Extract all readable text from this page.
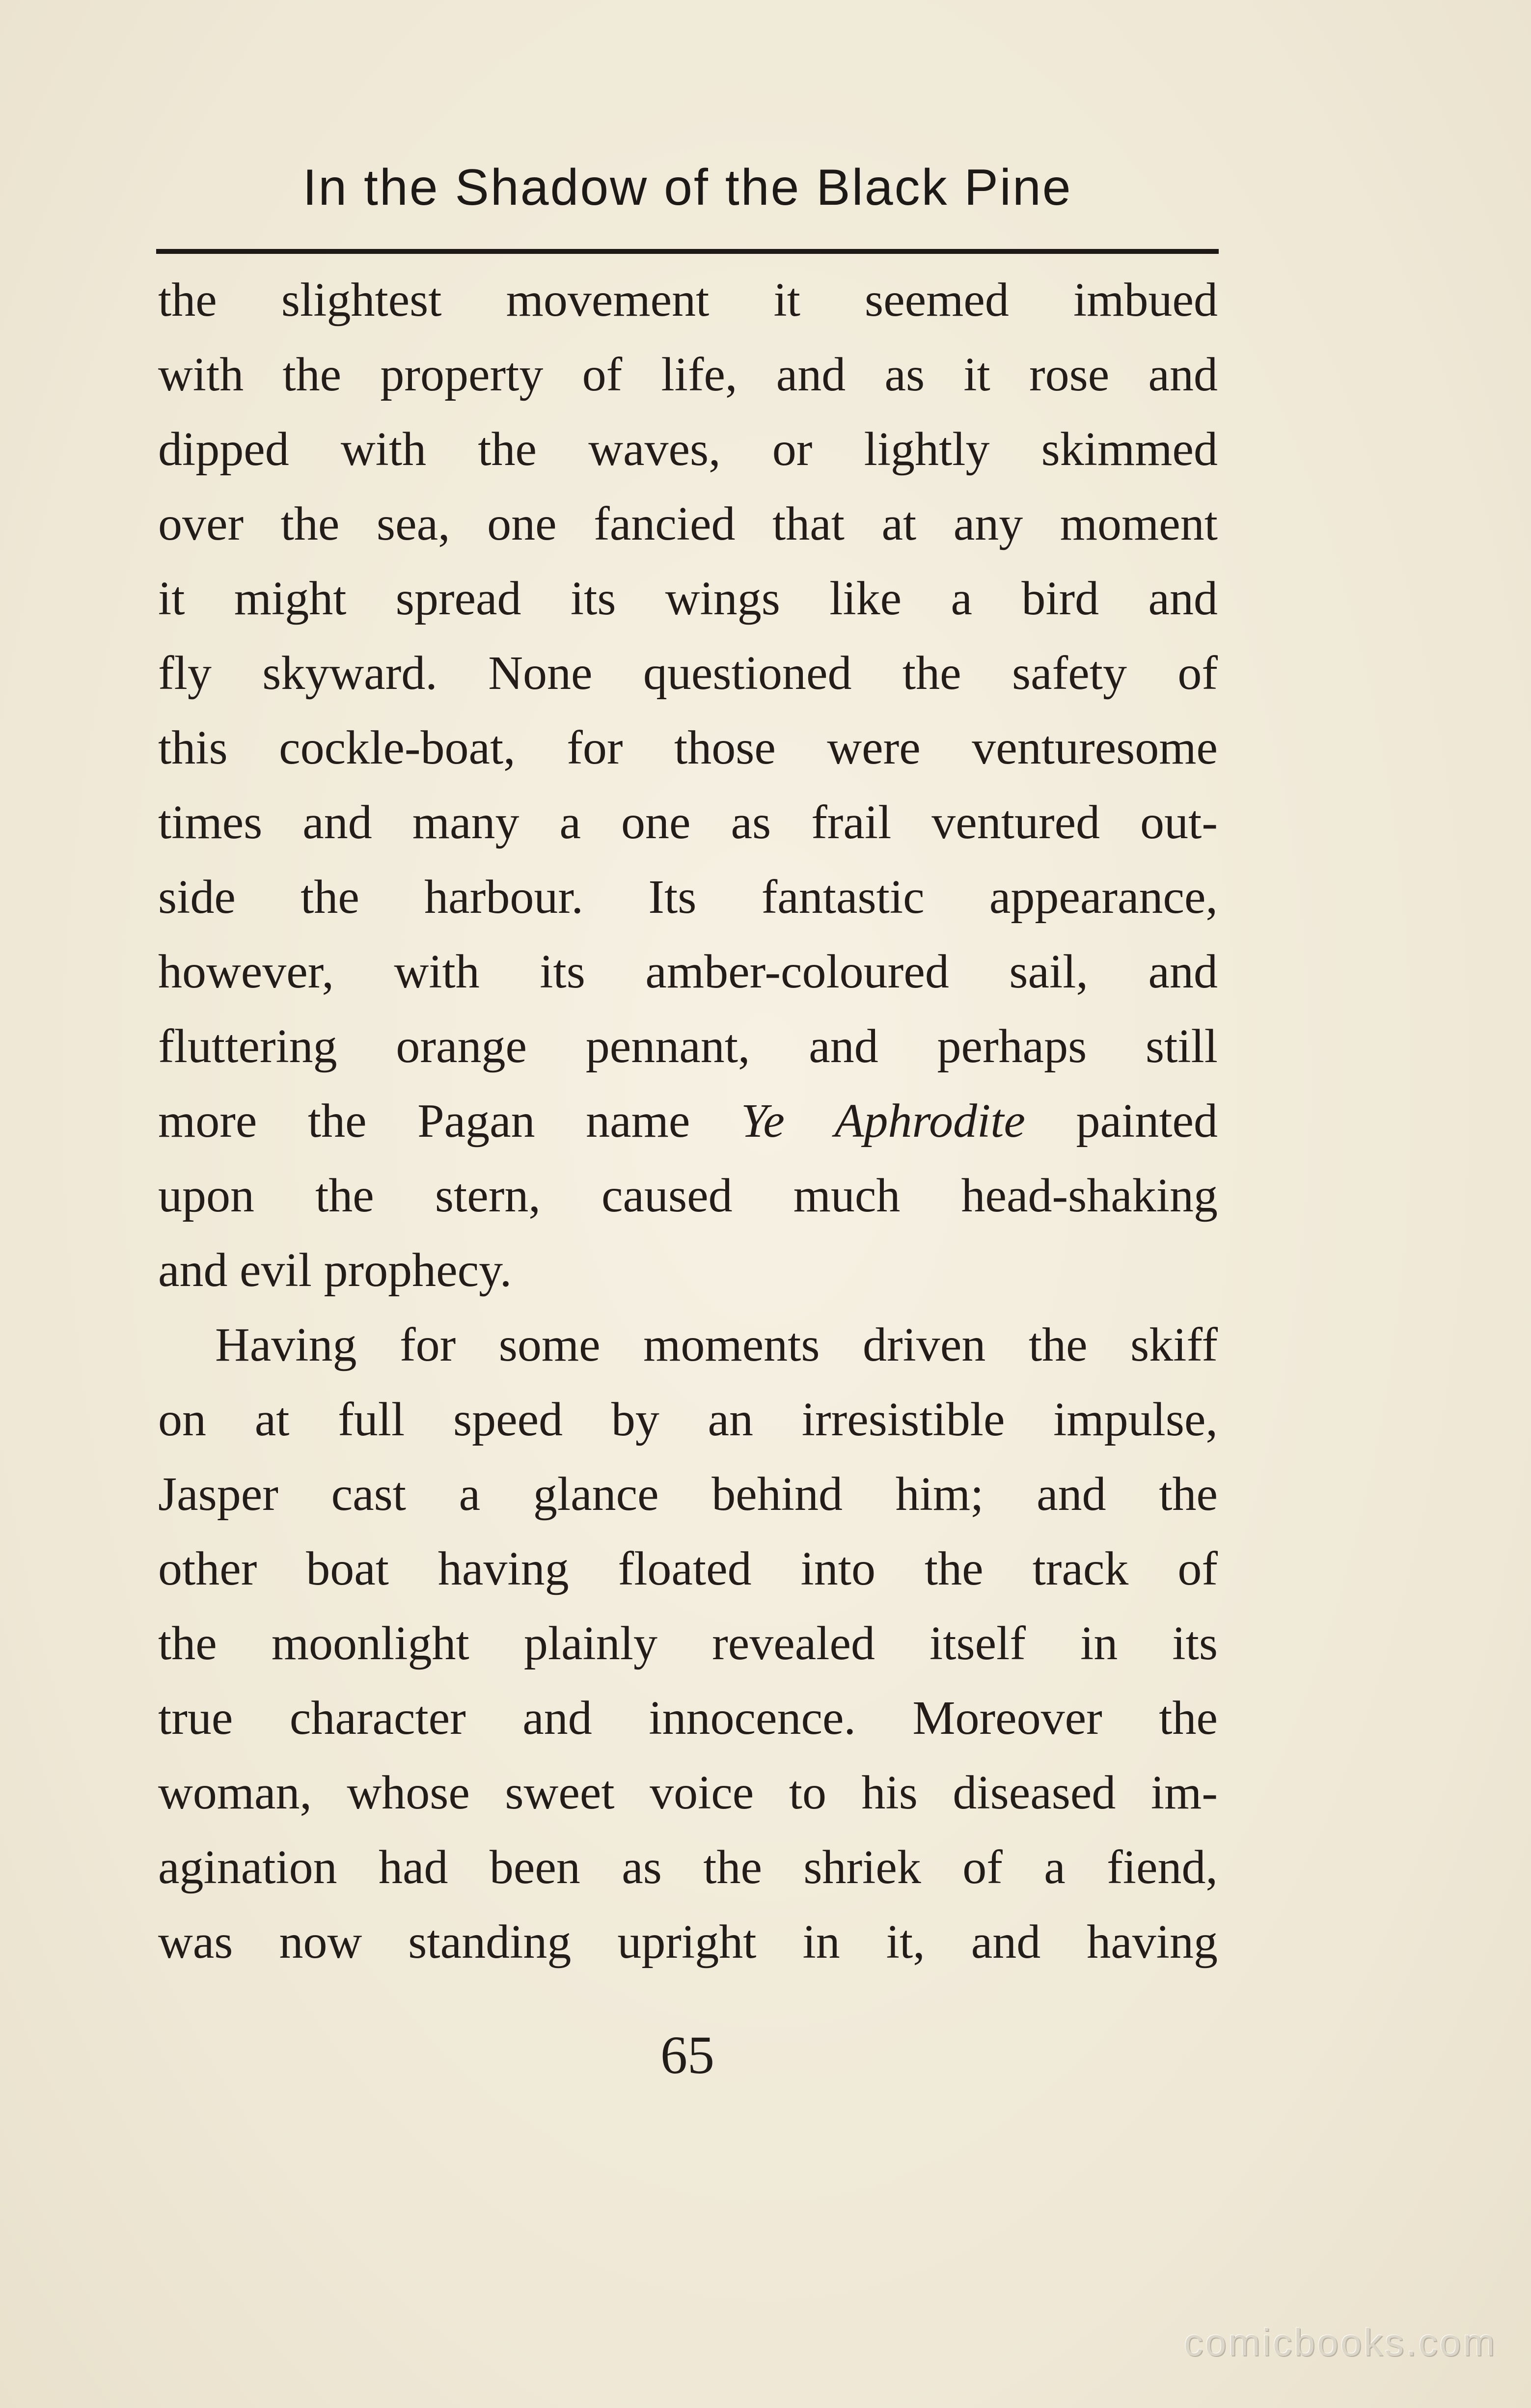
In the Shadow of the Black Pine
the slightest movement it seemed imbued
with the property of life, and as it rose and
dipped with the waves, or lightly skimmed
over the sea, one fancied that at any moment
it might spread its wings like a bird and
fly skyward. None questioned the safety of
this cockle-boat, for those were venturesome
times and many a one as frail ventured out-
side the harbour. Its fantastic appearance,
however, with its amber-coloured sail, and
fluttering orange pennant, and perhaps still
more the Pagan name Ye Aphrodite painted
upon the stern, caused much head-shaking
and evil prophecy.
Having for some moments driven the skiff
on at full speed by an irresistible impulse,
Jasper cast a glance behind him; and the
other boat having floated into the track of
the moonlight plainly revealed itself in its
true character and innocence. Moreover the
woman, whose sweet voice to his diseased im-
agination had been as the shriek of a fiend,
was now standing upright in it, and having
65
comicbooks.com
